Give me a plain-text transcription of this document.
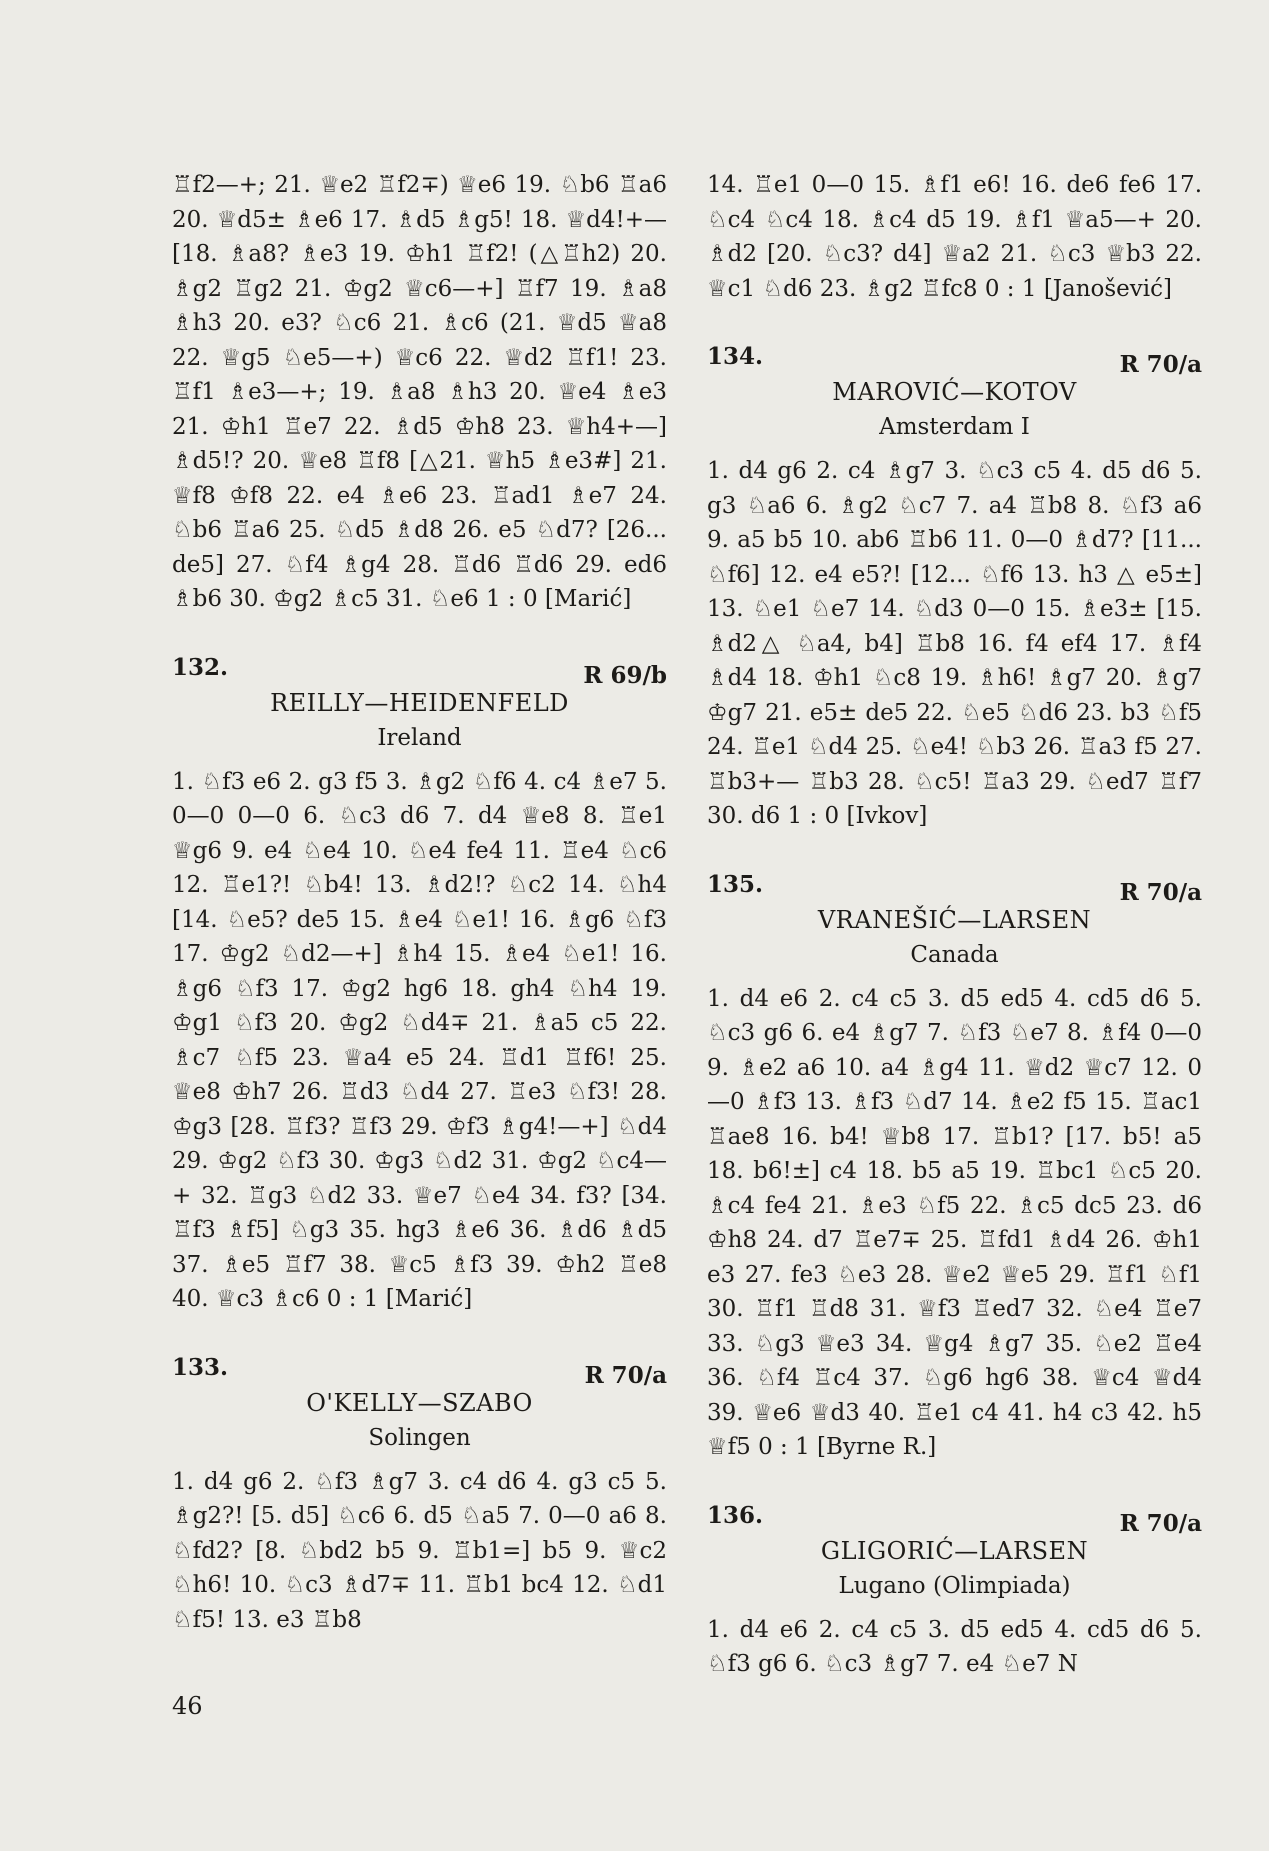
♖f2—+; 21. ♕e2 ♖f2∓) ♕e6 19. ♘b6 ♖a6 20. ♕d5± ♗e6 17. ♗d5 ♗g5! 18. ♕d4!+— [18. ♗a8? ♗e3 19. ♔h1 ♖f2! (△♖h2) 20. ♗g2 ♖g2 21. ♔g2 ♕c6—+] ♖f7 19. ♗a8 ♗h3 20. e3? ♘c6 21. ♗c6 (21. ♕d5 ♕a8 22. ♕g5 ♘e5—+) ♕c6 22. ♕d2 ♖f1! 23. ♖f1 ♗e3—+; 19. ♗a8 ♗h3 20. ♕e4 ♗e3 21. ♔h1 ♖e7 22. ♗d5 ♔h8 23. ♕h4+—] ♗d5!? 20. ♕e8 ♖f8 [△21. ♕h5 ♗e3#] 21. ♕f8 ♔f8 22. e4 ♗e6 23. ♖ad1 ♗e7 24. ♘b6 ♖a6 25. ♘d5 ♗d8 26. e5 ♘d7? [26... de5] 27. ♘f4 ♗g4 28. ♖d6 ♖d6 29. ed6 ♗b6 30. ♔g2 ♗c5 31. ♘e6 1 : 0 [Marić]

132.	R 69/b

REILLY—HEIDENFELD

Ireland

1. ♘f3 e6 2. g3 f5 3. ♗g2 ♘f6 4. c4 ♗e7 5. 0—0 0—0 6. ♘c3 d6 7. d4 ♕e8 8. ♖e1 ♕g6 9. e4 ♘e4 10. ♘e4 fe4 11. ♖e4 ♘c6 12. ♖e1?! ♘b4! 13. ♗d2!? ♘c2 14. ♘h4 [14. ♘e5? de5 15. ♗e4 ♘e1! 16. ♗g6 ♘f3 17. ♔g2 ♘d2—+] ♗h4 15. ♗e4 ♘e1! 16. ♗g6 ♘f3 17. ♔g2 hg6 18. gh4 ♘h4 19. ♔g1 ♘f3 20. ♔g2 ♘d4∓ 21. ♗a5 c5 22. ♗c7 ♘f5 23. ♕a4 e5 24. ♖d1 ♖f6! 25. ♕e8 ♔h7 26. ♖d3 ♘d4 27. ♖e3 ♘f3! 28. ♔g3 [28. ♖f3? ♖f3 29. ♔f3 ♗g4!—+] ♘d4 29. ♔g2 ♘f3 30. ♔g3 ♘d2 31. ♔g2 ♘c4—+ 32. ♖g3 ♘d2 33. ♕e7 ♘e4 34. f3? [34. ♖f3 ♗f5] ♘g3 35. hg3 ♗e6 36. ♗d6 ♗d5 37. ♗e5 ♖f7 38. ♕c5 ♗f3 39. ♔h2 ♖e8 40. ♕c3 ♗c6 0 : 1 [Marić]

133.	R 70/a

O'KELLY—SZABO

Solingen

1. d4 g6 2. ♘f3 ♗g7 3. c4 d6 4. g3 c5 5. ♗g2?! [5. d5] ♘c6 6. d5 ♘a5 7. 0—0 a6 8. ♘fd2? [8. ♘bd2 b5 9. ♖b1=] b5 9. ♕c2 ♘h6! 10. ♘c3 ♗d7∓ 11. ♖b1 bc4 12. ♘d1 ♘f5! 13. e3 ♖b8

14. ♖e1 0—0 15. ♗f1 e6! 16. de6 fe6 17. ♘c4 ♘c4 18. ♗c4 d5 19. ♗f1 ♕a5—+ 20. ♗d2 [20. ♘c3? d4] ♕a2 21. ♘c3 ♕b3 22. ♕c1 ♘d6 23. ♗g2 ♖fc8 0 : 1 [Janošević]

134.	R 70/a

MAROVIĆ—KOTOV

Amsterdam I

1. d4 g6 2. c4 ♗g7 3. ♘c3 c5 4. d5 d6 5. g3 ♘a6 6. ♗g2 ♘c7 7. a4 ♖b8 8. ♘f3 a6 9. a5 b5 10. ab6 ♖b6 11. 0—0 ♗d7? [11... ♘f6] 12. e4 e5?! [12... ♘f6 13. h3 △ e5±] 13. ♘e1 ♘e7 14. ♘d3 0—0 15. ♗e3± [15. ♗d2△ ♘a4, b4] ♖b8 16. f4 ef4 17. ♗f4 ♗d4 18. ♔h1 ♘c8 19. ♗h6! ♗g7 20. ♗g7 ♔g7 21. e5± de5 22. ♘e5 ♘d6 23. b3 ♘f5 24. ♖e1 ♘d4 25. ♘e4! ♘b3 26. ♖a3 f5 27. ♖b3+— ♖b3 28. ♘c5! ♖a3 29. ♘ed7 ♖f7 30. d6 1 : 0 [Ivkov]

135.	R 70/a

VRANEŠIĆ—LARSEN

Canada

1. d4 e6 2. c4 c5 3. d5 ed5 4. cd5 d6 5. ♘c3 g6 6. e4 ♗g7 7. ♘f3 ♘e7 8. ♗f4 0—0 9. ♗e2 a6 10. a4 ♗g4 11. ♕d2 ♕c7 12. 0—0 ♗f3 13. ♗f3 ♘d7 14. ♗e2 f5 15. ♖ac1 ♖ae8 16. b4! ♕b8 17. ♖b1? [17. b5! a5 18. b6!±] c4 18. b5 a5 19. ♖bc1 ♘c5 20. ♗c4 fe4 21. ♗e3 ♘f5 22. ♗c5 dc5 23. d6 ♔h8 24. d7 ♖e7∓ 25. ♖fd1 ♗d4 26. ♔h1 e3 27. fe3 ♘e3 28. ♕e2 ♕e5 29. ♖f1 ♘f1 30. ♖f1 ♖d8 31. ♕f3 ♖ed7 32. ♘e4 ♖e7 33. ♘g3 ♕e3 34. ♕g4 ♗g7 35. ♘e2 ♖e4 36. ♘f4 ♖c4 37. ♘g6 hg6 38. ♕c4 ♕d4 39. ♕e6 ♕d3 40. ♖e1 c4 41. h4 c3 42. h5 ♕f5 0 : 1 [Byrne R.]

136.	R 70/a

GLIGORIĆ—LARSEN

Lugano (Olimpiada)

1. d4 e6 2. c4 c5 3. d5 ed5 4. cd5 d6 5. ♘f3 g6 6. ♘c3 ♗g7 7. e4 ♘e7 N

46
